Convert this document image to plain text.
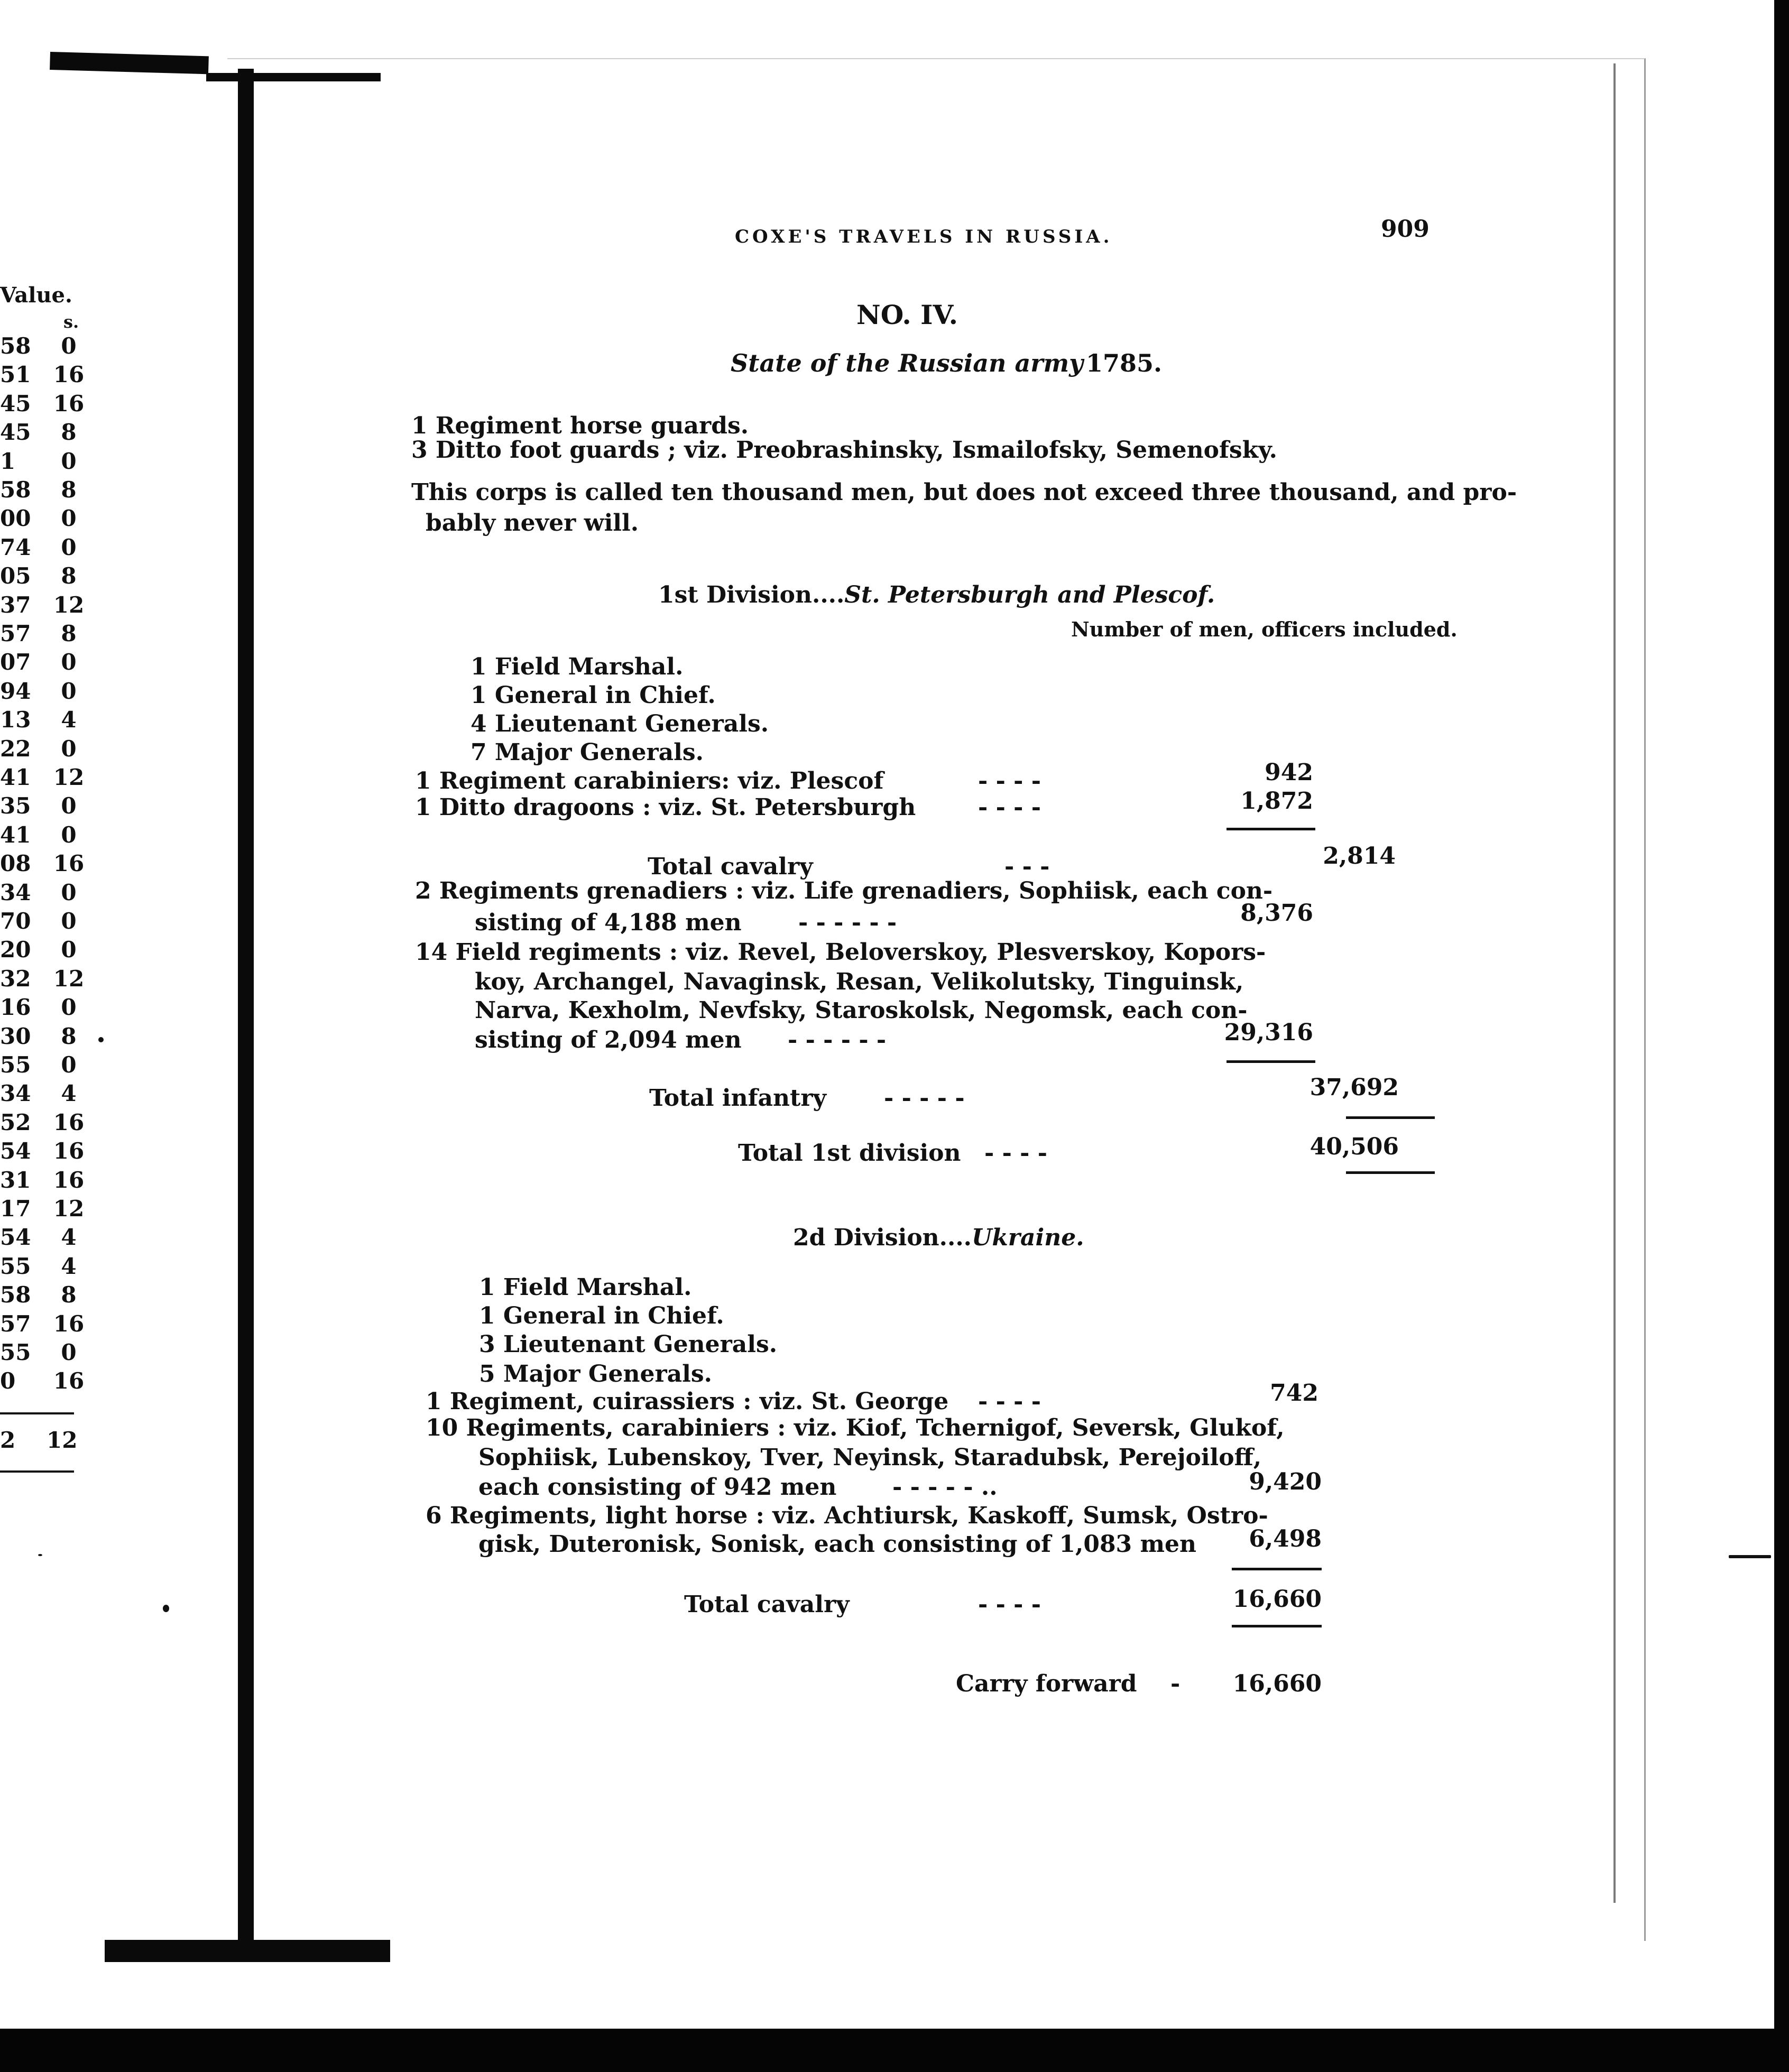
Value.
s.
58	0
51 16
45 16
45	8
1	0
58	8
00	0
74	0
05	8
37 12
57	8
07	0
94	0
13	4
22	0
41 12
35	0
41	0
08 16
34	0
70	0
20	0
32 12
16	0
30	8
55	0
34	4
52 16
54 16
31 16
17 12
54	4
55	4
58	8
57 16
55	0
0 16
2 12
COXE'S TRAVELS IN RUSSIA.	909
NO. IV.
State of the Russian army 1785.
1 Regiment horse guards.
3 Ditto foot guards ; viz. Preobrashinsky, Ismailofsky, Semenofsky.
This corps is called ten thousand men, but does not exceed three thousand, and pro-
bably never will.
1st Division....St. Petersburgh and Plescof.
Number of men, officers included.
1 Field Marshal.
1 General in Chief.
4 Lieutenant Generals.
7 Major Generals.
1 Regiment carabiniers: viz. Plescof	- - - -	942
1 Ditto dragoons : viz. St. Petersburgh	- - - -	1,872
Total cavalry	- - -	2,814
2 Regiments grenadiers : viz. Life grenadiers, Sophiisk, each con-
sisting of 4,188 men - - - - - -	8,376
14 Field regiments : viz. Revel, Beloverskoy, Plesverskoy, Kopors-
koy, Archangel, Navaginsk, Resan, Velikolutsky, Tinguinsk,
Narva, Kexholm, Nevfsky, Staroskolsk, Negomsk, each con-
sisting of 2,094 men - - - - - -	29,316
Total infantry - - - - -	37,692
Total 1st division - - - -	40,506
2d Division....Ukraine.
1 Field Marshal.
1 General in Chief.
3 Lieutenant Generals.
5 Major Generals.
1 Regiment, cuirassiers : viz. St. George - - - -	742
10 Regiments, carabiniers : viz. Kiof, Tchernigof, Seversk, Glukof,
Sophiisk, Lubenskoy, Tver, Neyinsk, Staradubsk, Perejoiloff,
each consisting of 942 men - - - - - ..	9,420
6 Regiments, light horse : viz. Achtiursk, Kaskoff, Sumsk, Ostro-
gisk, Duteronisk, Sonisk, each consisting of 1,083 men 6,498
Total cavalry	- - - -	16,660
Carry forward - 16,660
